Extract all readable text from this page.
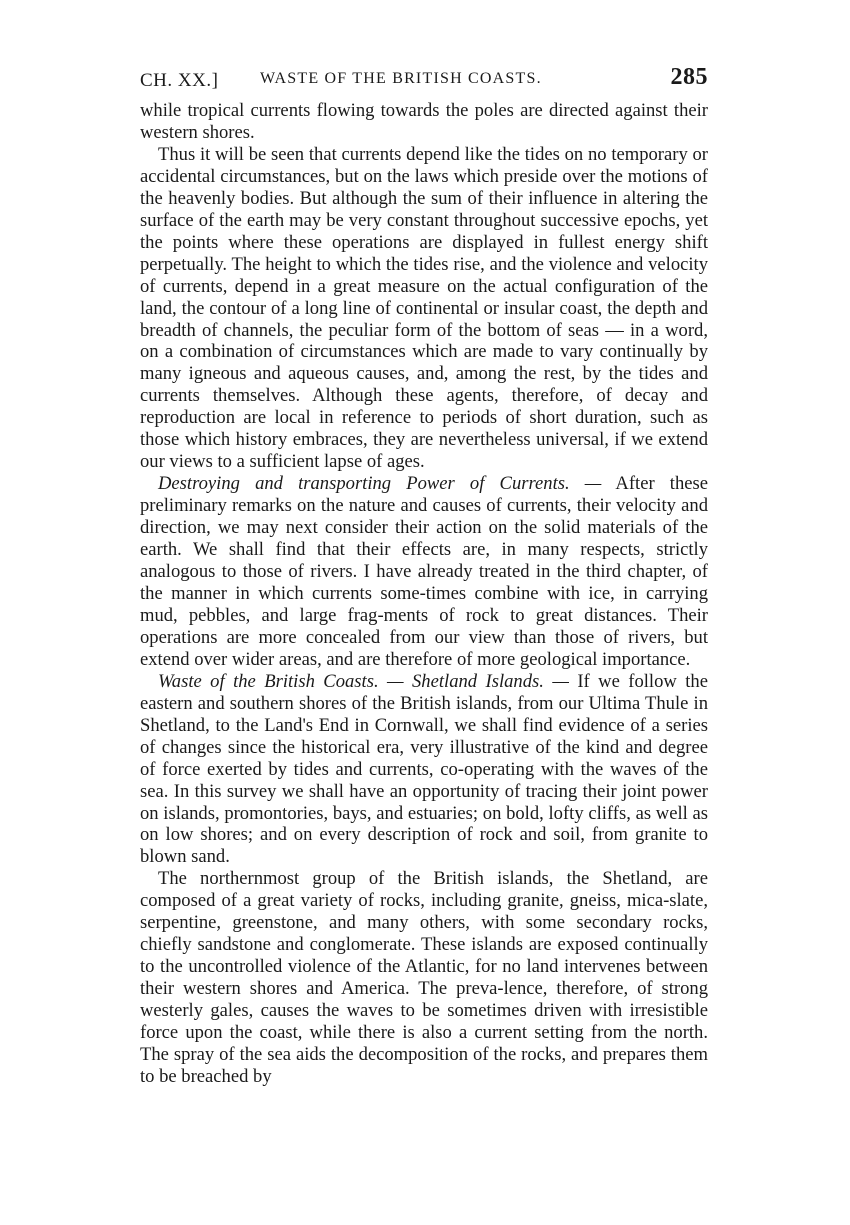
CH. XX.]	WASTE OF THE BRITISH COASTS.	285

while tropical currents flowing towards the poles are directed against their western shores.

Thus it will be seen that currents depend like the tides on no temporary or accidental circumstances, but on the laws which preside over the motions of the heavenly bodies. But although the sum of their influence in altering the surface of the earth may be very constant throughout successive epochs, yet the points where these operations are displayed in fullest energy shift perpetually. The height to which the tides rise, and the violence and velocity of currents, depend in a great measure on the actual configuration of the land, the contour of a long line of continental or insular coast, the depth and breadth of channels, the peculiar form of the bottom of seas — in a word, on a combination of circumstances which are made to vary continually by many igneous and aqueous causes, and, among the rest, by the tides and currents themselves. Although these agents, therefore, of decay and reproduction are local in reference to periods of short duration, such as those which history embraces, they are nevertheless universal, if we extend our views to a sufficient lapse of ages.

Destroying and transporting Power of Currents. — After these preliminary remarks on the nature and causes of currents, their velocity and direction, we may next consider their action on the solid materials of the earth. We shall find that their effects are, in many respects, strictly analogous to those of rivers. I have already treated in the third chapter, of the manner in which currents some-times combine with ice, in carrying mud, pebbles, and large frag-ments of rock to great distances. Their operations are more concealed from our view than those of rivers, but extend over wider areas, and are therefore of more geological importance.

Waste of the British Coasts. — Shetland Islands. — If we follow the eastern and southern shores of the British islands, from our Ultima Thule in Shetland, to the Land's End in Cornwall, we shall find evidence of a series of changes since the historical era, very illustrative of the kind and degree of force exerted by tides and currents, co-operating with the waves of the sea. In this survey we shall have an opportunity of tracing their joint power on islands, promontories, bays, and estuaries; on bold, lofty cliffs, as well as on low shores; and on every description of rock and soil, from granite to blown sand.

The northernmost group of the British islands, the Shetland, are composed of a great variety of rocks, including granite, gneiss, mica-slate, serpentine, greenstone, and many others, with some secondary rocks, chiefly sandstone and conglomerate. These islands are exposed continually to the uncontrolled violence of the Atlantic, for no land intervenes between their western shores and America. The preva-lence, therefore, of strong westerly gales, causes the waves to be sometimes driven with irresistible force upon the coast, while there is also a current setting from the north. The spray of the sea aids the decomposition of the rocks, and prepares them to be breached by
